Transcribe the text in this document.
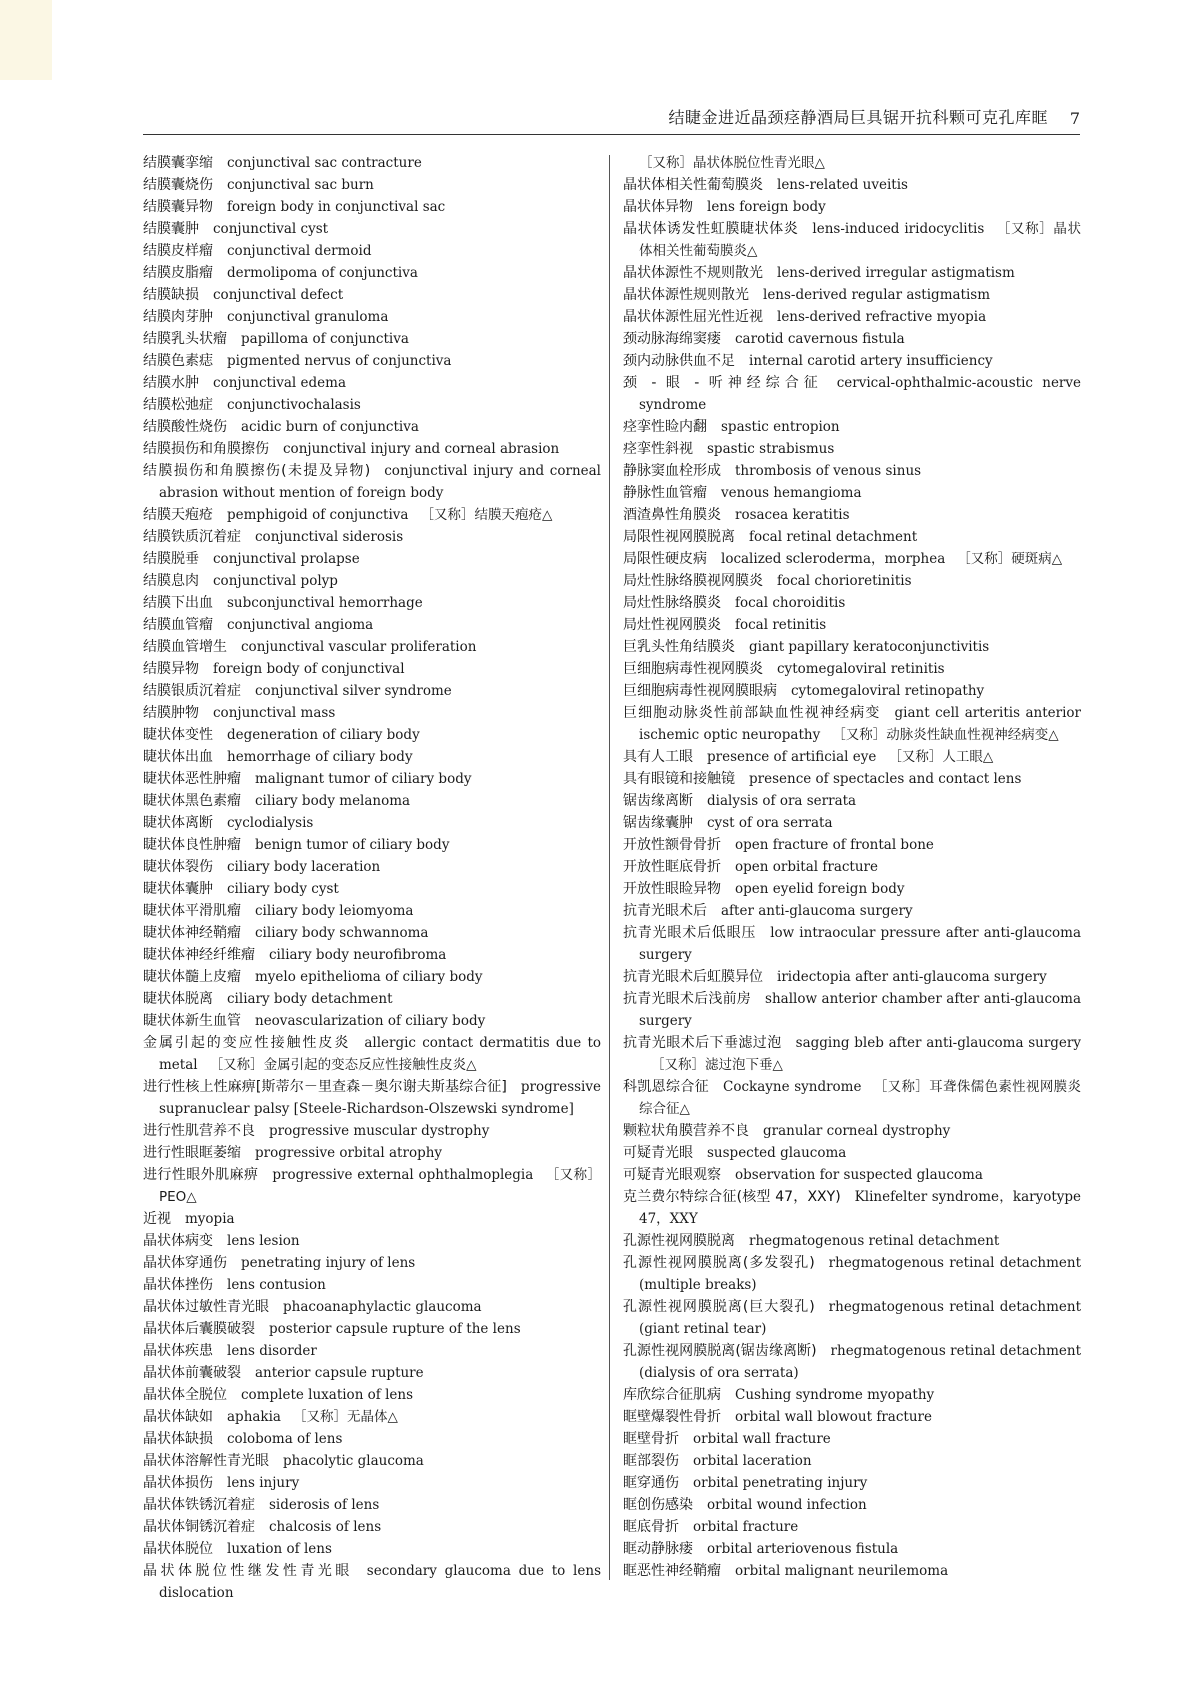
结睫金进近晶颈痉静酒局巨具锯开抗科颗可克孔库眶 7

结膜囊挛缩 conjunctival sac contracture

结膜囊烧伤 conjunctival sac burn

结膜囊异物 foreign body in conjunctival sac

结膜囊肿 conjunctival cyst

结膜皮样瘤 conjunctival dermoid

结膜皮脂瘤 dermolipoma of conjunctiva

结膜缺损 conjunctival defect

结膜肉芽肿 conjunctival granuloma

结膜乳头状瘤 papilloma of conjunctiva

结膜色素痣 pigmented nervus of conjunctiva

结膜水肿 conjunctival edema

结膜松弛症 conjunctivochalasis

结膜酸性烧伤 acidic burn of conjunctiva

结膜损伤和角膜擦伤 conjunctival injury and corneal abrasion

结膜损伤和角膜擦伤(未提及异物) conjunctival injury and corneal abrasion without mention of foreign body

结膜天疱疮 pemphigoid of conjunctiva ［又称］结膜天疱疮△

结膜铁质沉着症 conjunctival siderosis

结膜脱垂 conjunctival prolapse

结膜息肉 conjunctival polyp

结膜下出血 subconjunctival hemorrhage

结膜血管瘤 conjunctival angioma

结膜血管增生 conjunctival vascular proliferation

结膜异物 foreign body of conjunctival

结膜银质沉着症 conjunctival silver syndrome

结膜肿物 conjunctival mass

睫状体变性 degeneration of ciliary body

睫状体出血 hemorrhage of ciliary body

睫状体恶性肿瘤 malignant tumor of ciliary body

睫状体黑色素瘤 ciliary body melanoma

睫状体离断 cyclodialysis

睫状体良性肿瘤 benign tumor of ciliary body

睫状体裂伤 ciliary body laceration

睫状体囊肿 ciliary body cyst

睫状体平滑肌瘤 ciliary body leiomyoma

睫状体神经鞘瘤 ciliary body schwannoma

睫状体神经纤维瘤 ciliary body neurofibroma

睫状体髓上皮瘤 myelo epithelioma of ciliary body

睫状体脱离 ciliary body detachment

睫状体新生血管 neovascularization of ciliary body

金属引起的变应性接触性皮炎 allergic contact dermatitis due to metal ［又称］金属引起的变态反应性接触性皮炎△

进行性核上性麻痹[斯蒂尔－里查森－奥尔谢夫斯基综合征] progressive supranuclear palsy [Steele-Richardson-Olszewski syndrome]

进行性肌营养不良 progressive muscular dystrophy

进行性眼眶萎缩 progressive orbital atrophy

进行性眼外肌麻痹 progressive external ophthalmoplegia ［又称］PEO△

近视 myopia

晶状体病变 lens lesion

晶状体穿通伤 penetrating injury of lens

晶状体挫伤 lens contusion

晶状体过敏性青光眼 phacoanaphylactic glaucoma

晶状体后囊膜破裂 posterior capsule rupture of the lens

晶状体疾患 lens disorder

晶状体前囊破裂 anterior capsule rupture

晶状体全脱位 complete luxation of lens

晶状体缺如 aphakia ［又称］无晶体△

晶状体缺损 coloboma of lens

晶状体溶解性青光眼 phacolytic glaucoma

晶状体损伤 lens injury

晶状体铁锈沉着症 siderosis of lens

晶状体铜锈沉着症 chalcosis of lens

晶状体脱位 luxation of lens

晶状体脱位性继发性青光眼 secondary glaucoma due to lens dislocation

［又称］晶状体脱位性青光眼△

晶状体相关性葡萄膜炎 lens-related uveitis

晶状体异物 lens foreign body

晶状体诱发性虹膜睫状体炎 lens-induced iridocyclitis ［又称］晶状体相关性葡萄膜炎△

晶状体源性不规则散光 lens-derived irregular astigmatism

晶状体源性规则散光 lens-derived regular astigmatism

晶状体源性屈光性近视 lens-derived refractive myopia

颈动脉海绵窦瘘 carotid cavernous fistula

颈内动脉供血不足 internal carotid artery insufficiency

颈 - 眼 - 听神经综合征 cervical-ophthalmic-acoustic nerve syndrome

痉挛性睑内翻 spastic entropion

痉挛性斜视 spastic strabismus

静脉窦血栓形成 thrombosis of venous sinus

静脉性血管瘤 venous hemangioma

酒渣鼻性角膜炎 rosacea keratitis

局限性视网膜脱离 focal retinal detachment

局限性硬皮病 localized scleroderma，morphea ［又称］硬斑病△

局灶性脉络膜视网膜炎 focal chorioretinitis

局灶性脉络膜炎 focal choroiditis

局灶性视网膜炎 focal retinitis

巨乳头性角结膜炎 giant papillary keratoconjunctivitis

巨细胞病毒性视网膜炎 cytomegaloviral retinitis

巨细胞病毒性视网膜眼病 cytomegaloviral retinopathy

巨细胞动脉炎性前部缺血性视神经病变 giant cell arteritis anterior ischemic optic neuropathy ［又称］动脉炎性缺血性视神经病变△

具有人工眼 presence of artificial eye ［又称］人工眼△

具有眼镜和接触镜 presence of spectacles and contact lens

锯齿缘离断 dialysis of ora serrata

锯齿缘囊肿 cyst of ora serrata

开放性额骨骨折 open fracture of frontal bone

开放性眶底骨折 open orbital fracture

开放性眼睑异物 open eyelid foreign body

抗青光眼术后 after anti-glaucoma surgery

抗青光眼术后低眼压 low intraocular pressure after anti-glaucoma surgery

抗青光眼术后虹膜异位 iridectopia after anti-glaucoma surgery

抗青光眼术后浅前房 shallow anterior chamber after anti-glaucoma surgery

抗青光眼术后下垂滤过泡 sagging bleb after anti-glaucoma surgery［又称］滤过泡下垂△

科凯恩综合征 Cockayne syndrome ［又称］耳聋侏儒色素性视网膜炎综合征△

颗粒状角膜营养不良 granular corneal dystrophy

可疑青光眼 suspected glaucoma

可疑青光眼观察 observation for suspected glaucoma

克兰费尔特综合征(核型 47，XXY) Klinefelter syndrome，karyotype 47，XXY

孔源性视网膜脱离 rhegmatogenous retinal detachment

孔源性视网膜脱离(多发裂孔) rhegmatogenous retinal detachment (multiple breaks)

孔源性视网膜脱离(巨大裂孔) rhegmatogenous retinal detachment (giant retinal tear)

孔源性视网膜脱离(锯齿缘离断) rhegmatogenous retinal detachment (dialysis of ora serrata)

库欣综合征肌病 Cushing syndrome myopathy

眶壁爆裂性骨折 orbital wall blowout fracture

眶壁骨折 orbital wall fracture

眶部裂伤 orbital laceration

眶穿通伤 orbital penetrating injury

眶创伤感染 orbital wound infection

眶底骨折 orbital fracture

眶动静脉瘘 orbital arteriovenous fistula

眶恶性神经鞘瘤 orbital malignant neurilemoma
